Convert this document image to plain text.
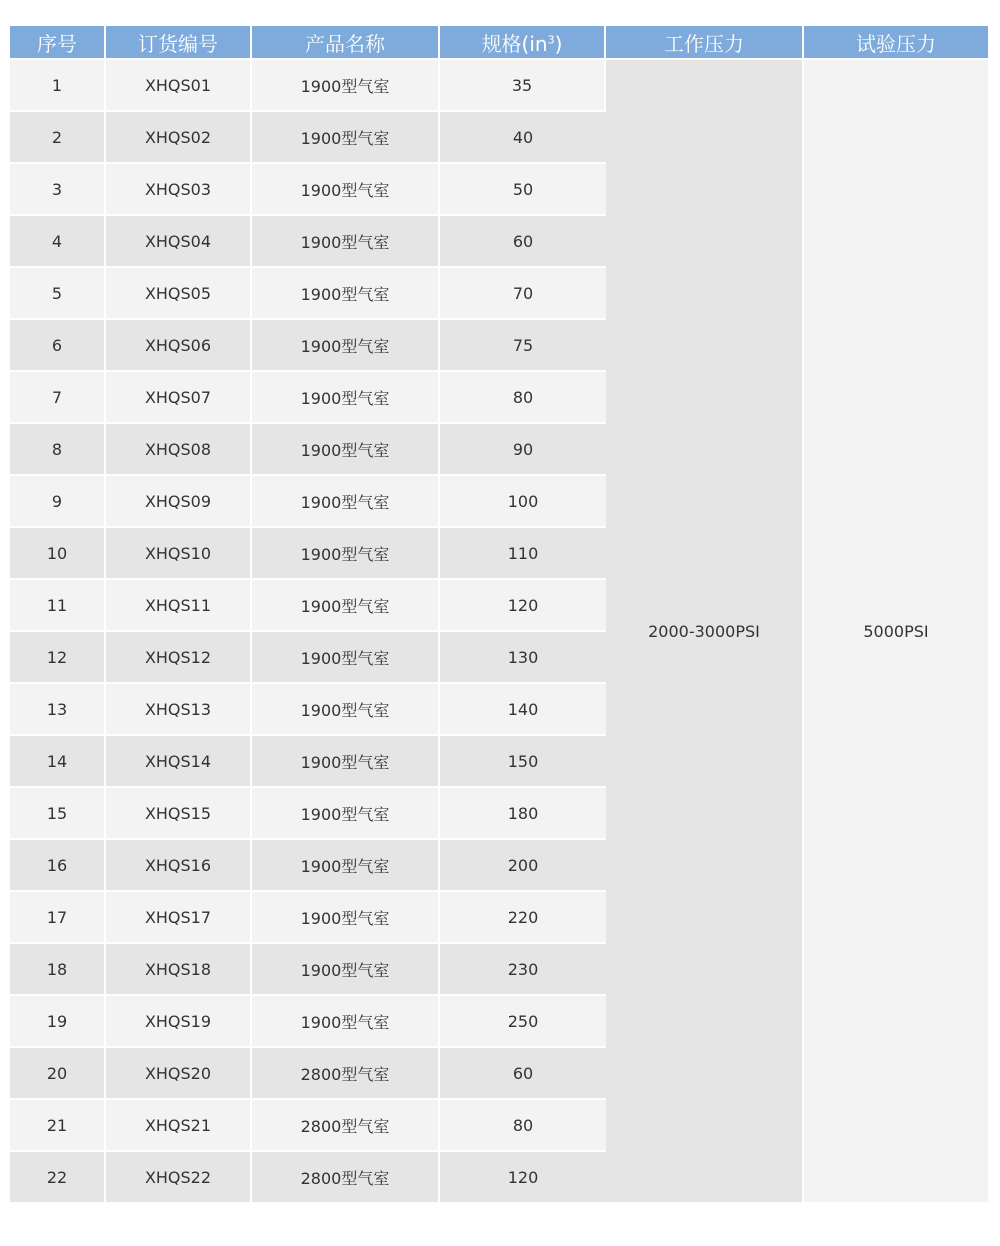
序号	订货编号	产品名称	规格$(in^3)$	工作压力	试验压力
1	XHQS01	1900型气室	35	2000-3000PSI	5000PSI
2	XHQS02	1900型气室	40		
3	XHQS03	1900型气室	50		
4	XHQS04	1900型气室	60		
5	XHQS05	1900型气室	70		
6	XHQS06	1900型气室	75		
7	XHQS07	1900型气室	80		
8	XHQS08	1900型气室	90		
9	XHQS09	1900型气室	100		
10	XHQS10	1900型气室	110		
11	XHQS11	1900型气室	120		
12	XHQS12	1900型气室	130		
13	XHQS13	1900型气室	140		
14	XHQS14	1900型气室	150		
15	XHQS15	1900型气室	180		
16	XHQS16	1900型气室	200		
17	XHQS17	1900型气室	220		
18	XHQS18	1900型气室	230		
19	XHQS19	1900型气室	250		
20	XHQS20	2800型气室	60		
21	XHQS21	2800型气室	80		
22	XHQS22	2800型气室	120		
